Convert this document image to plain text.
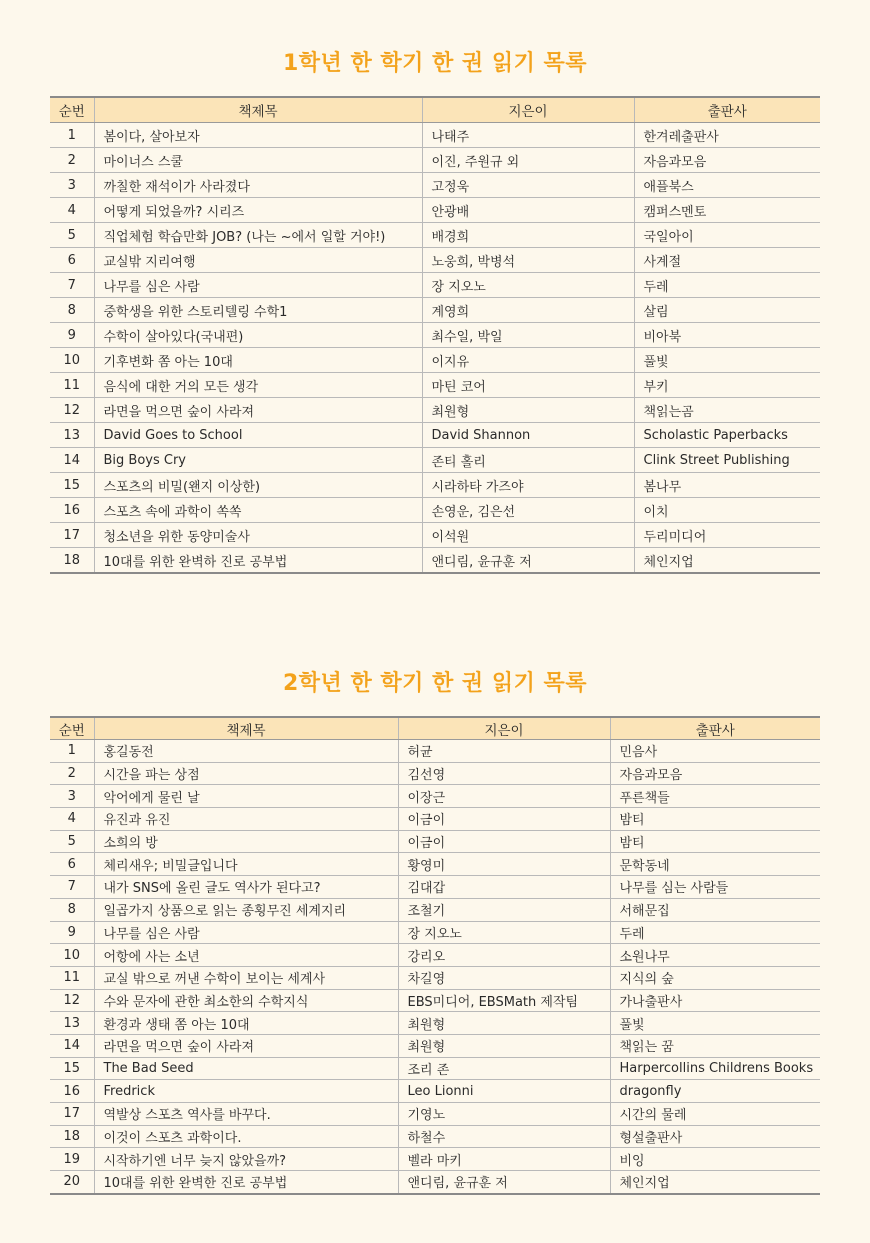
1학년 한 학기 한 권 읽기 목록
순번	책제목	지은이	출판사
1	봄이다, 살아보자	나태주	한겨레출판사
2	마이너스 스쿨	이진, 주원규 외	자음과모음
3	까칠한 재석이가 사라졌다	고정욱	애플북스
4	어떻게 되었을까? 시리즈	안광배	캠퍼스멘토
5	직업체험 학습만화 JOB? (나는 ~에서 일할 거야!)	배경희	국일아이
6	교실밖 지리여행	노웅희, 박병석	사계절
7	나무를 심은 사람	장 지오노	두레
8	중학생을 위한 스토리텔링 수학1	계영희	살림
9	수학이 살아있다(국내편)	최수일, 박일	비아북
10	기후변화 쫌 아는 10대	이지유	풀빛
11	음식에 대한 거의 모든 생각	마틴 코어	부키
12	라면을 먹으면 숲이 사라져	최원형	책읽는곰
13	David Goes to School	David Shannon	Scholastic Paperbacks
14	Big Boys Cry	존티 홀리	Clink Street Publishing
15	스포츠의 비밀(왠지 이상한)	시라하타 가즈야	봄나무
16	스포츠 속에 과학이 쏙쏙	손영운, 김은선	이치
17	청소년을 위한 동양미술사	이석원	두리미디어
18	10대를 위한 완벽하 진로 공부법	앤디림, 윤규훈 저	체인지업
2학년 한 학기 한 권 읽기 목록
순번	책제목	지은이	출판사
1	홍길동전	허균	민음사
2	시간을 파는 상점	김선영	자음과모음
3	악어에게 물린 날	이장근	푸른책들
4	유진과 유진	이금이	밤티
5	소희의 방	이금이	밤티
6	체리새우; 비밀글입니다	황영미	문학동네
7	내가 SNS에 올린 글도 역사가 된다고?	김대갑	나무를 심는 사람들
8	일곱가지 상품으로 읽는 종횡무진 세계지리	조철기	서해문집
9	나무를 심은 사람	장 지오노	두레
10	어항에 사는 소년	강리오	소원나무
11	교실 밖으로 꺼낸 수학이 보이는 세계사	차길영	지식의 숲
12	수와 문자에 관한 최소한의 수학지식	EBS미디어, EBSMath 제작팀	가나출판사
13	환경과 생태 쫌 아는 10대	최원형	풀빛
14	라면을 먹으면 숲이 사라져	최원형	책읽는 꿈
15	The Bad Seed	조리 존	Harpercollins Childrens Books
16	Fredrick	Leo Lionni	dragonfly
17	역발상 스포츠 역사를 바꾸다.	기영노	시간의 물레
18	이것이 스포츠 과학이다.	하철수	형설출판사
19	시작하기엔 너무 늦지 않았을까?	벨라 마키	비잉
20	10대를 위한 완벽한 진로 공부법	앤디림, 윤규훈 저	체인지업
